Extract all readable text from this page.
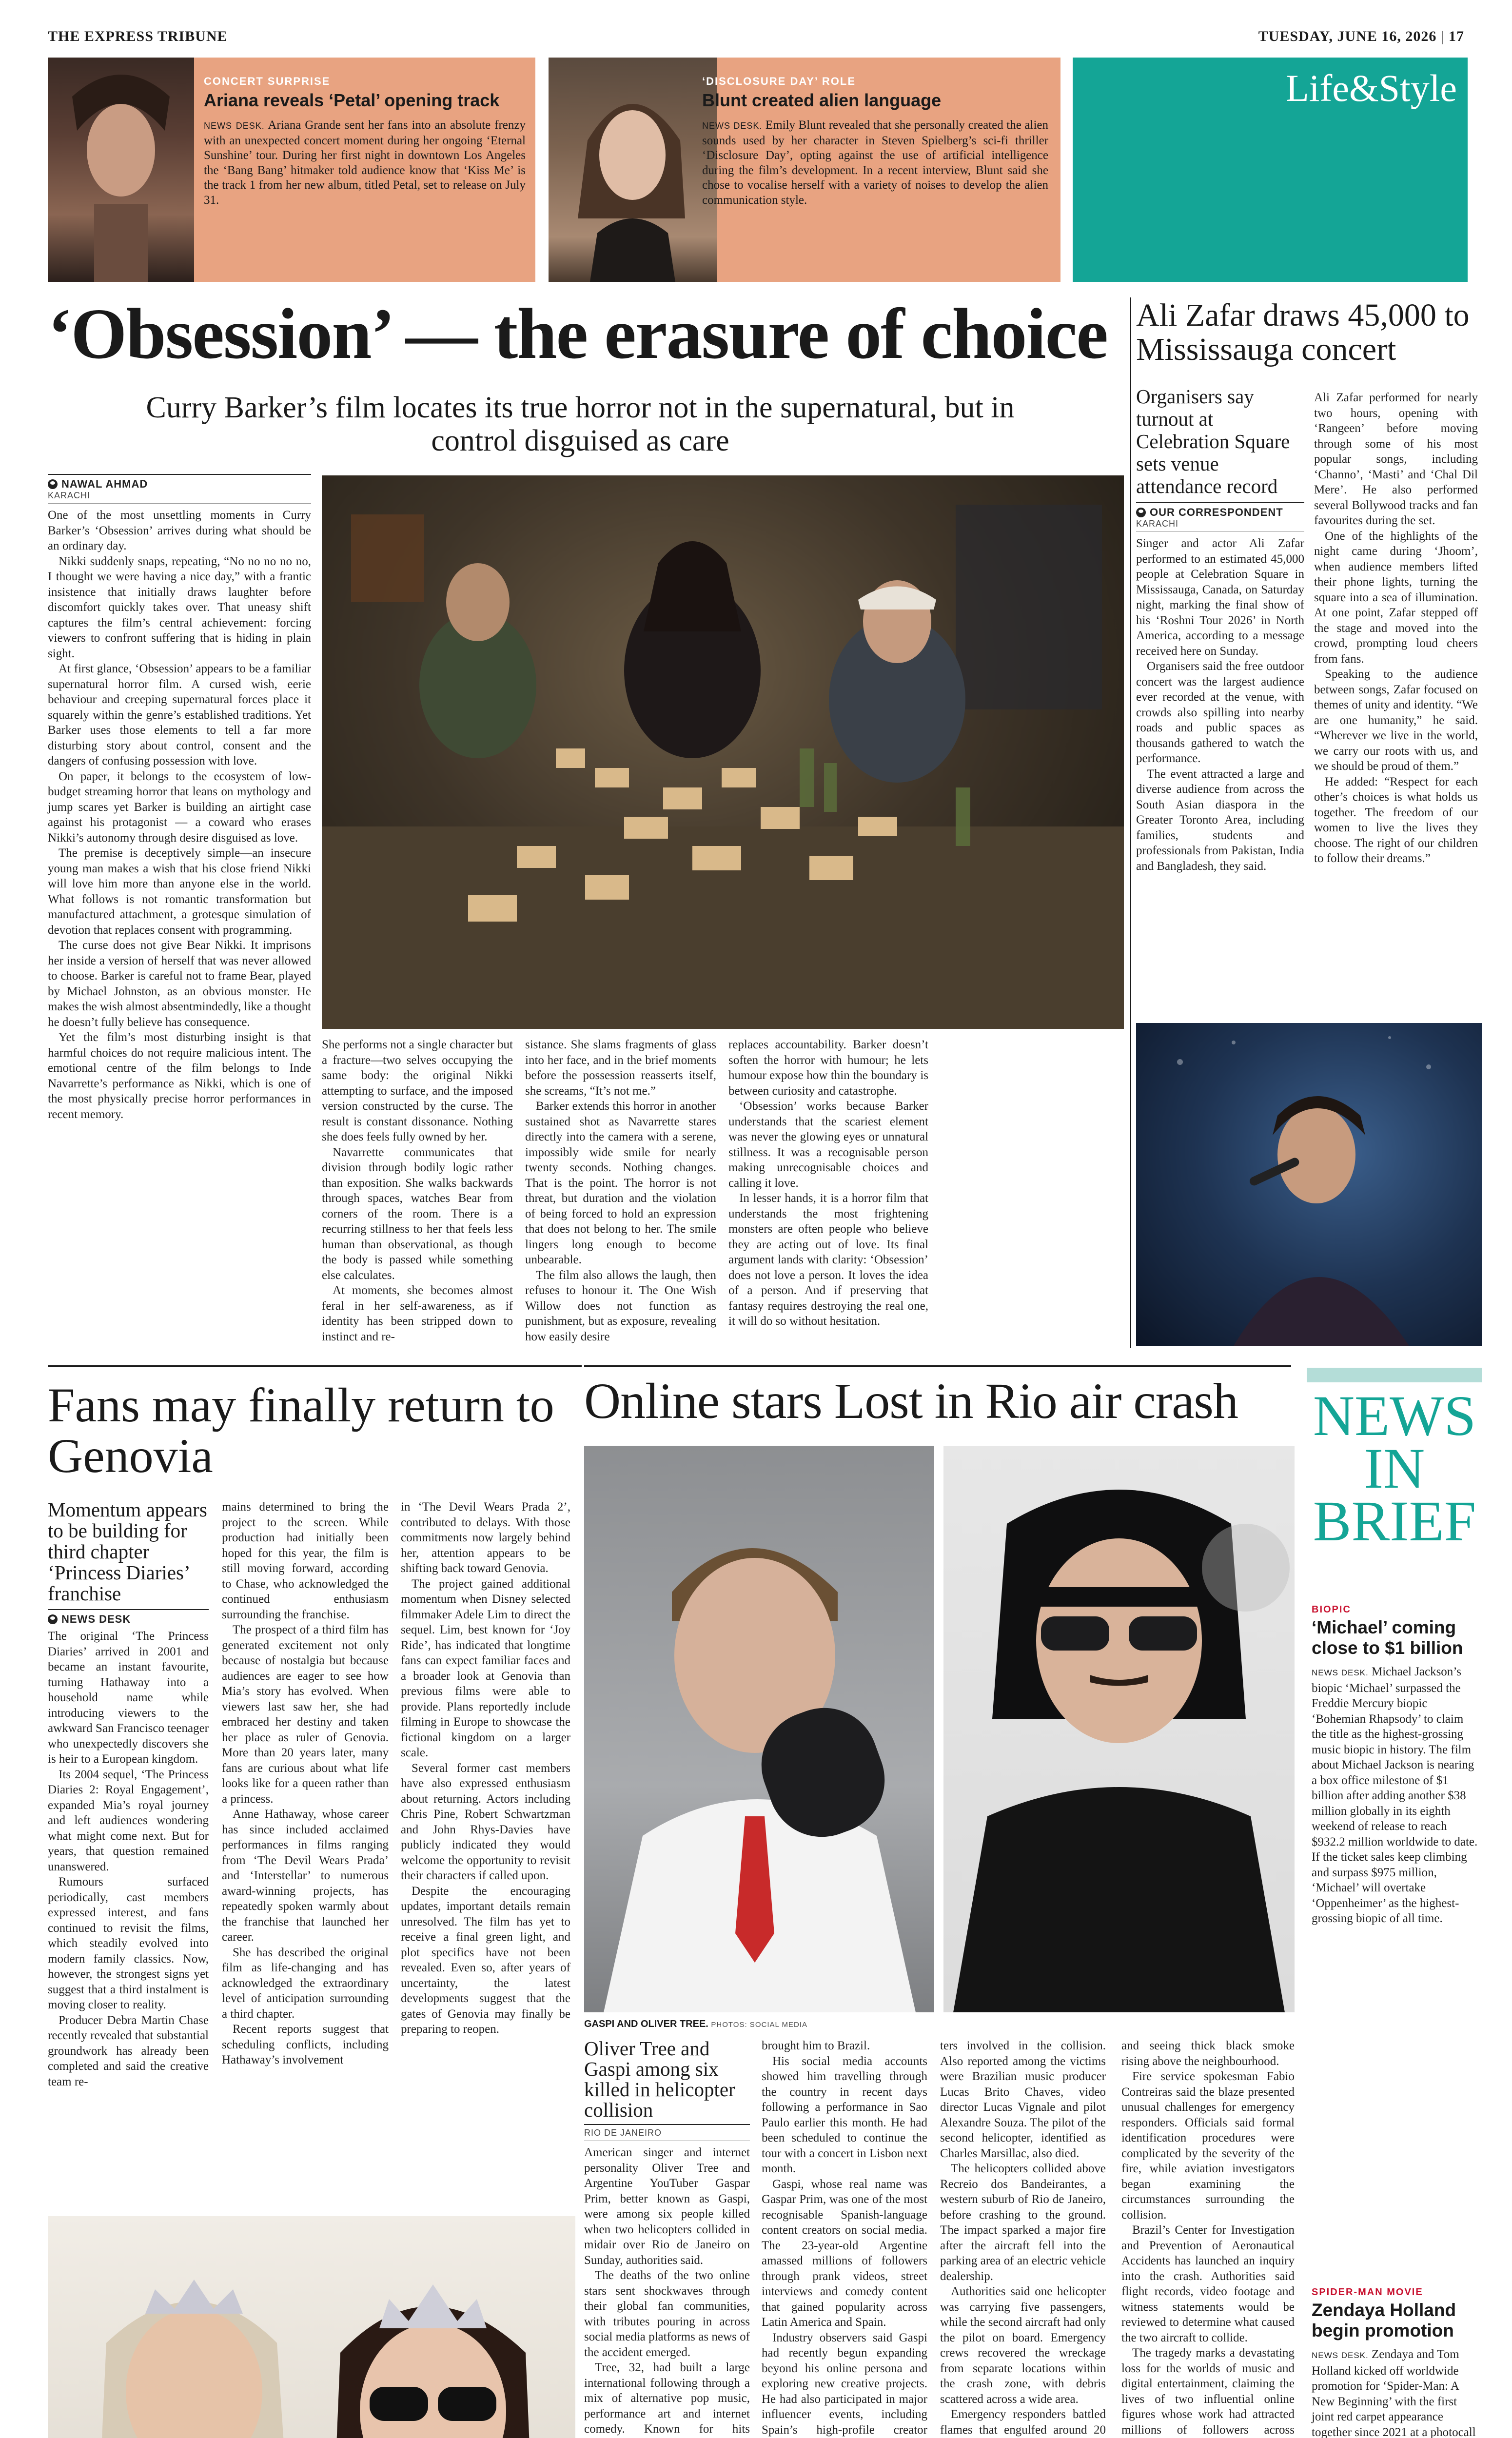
THE EXPRESS TRIBUNE	TUESDAY, JUNE 16, 2026 | 17
CONCERT SURPRISE
Ariana reveals ‘Petal’ opening track
NEWS DESK. Ariana Grande sent her fans into an absolute frenzy with an unexpected concert moment during her ongoing ‘Eternal Sunshine’ tour. During her first night in downtown Los Angeles the ‘Bang Bang’ hitmaker told audience know that ‘Kiss Me’ is the track 1 from her new album, titled Petal, set to release on July 31.
‘DISCLOSURE DAY’ ROLE
Blunt created alien language
NEWS DESK. Emily Blunt revealed that she personally created the alien sounds used by her character in Steven Spielberg’s sci-fi thriller ‘Disclosure Day’, opting against the use of artificial intelligence during the film’s development. In a recent interview, Blunt said she chose to vocalise herself with a variety of noises to develop the alien communication style.
Life&Style
‘Obsession’ — the erasure of choice
Curry Barker’s film locates its true horror not in the supernatural, but in control disguised as care
NAWAL AHMAD
KARACHI

One of the most unsettling moments in Curry Barker’s ‘Obsession’ arrives during what should be an ordinary day.

Nikki suddenly snaps, repeating, “No no no no no, I thought we were having a nice day,” with a frantic insistence that initially draws laughter before discomfort quickly takes over. That uneasy shift captures the film’s central achievement: forcing viewers to confront suffering that is hiding in plain sight.

At first glance, ‘Obsession’ appears to be a familiar supernatural horror film. A cursed wish, eerie behaviour and creeping supernatural forces place it squarely within the genre’s established traditions. Yet Barker uses those elements to tell a far more disturbing story about control, consent and the dangers of confusing possession with love.

On paper, it belongs to the ecosystem of low-budget streaming horror that leans on mythology and jump scares yet Barker is building an airtight case against his protagonist — a coward who erases Nikki’s autonomy through desire disguised as love.

The premise is deceptively simple—an insecure young man makes a wish that his close friend Nikki will love him more than anyone else in the world. What follows is not romantic transformation but manufactured attachment, a grotesque simulation of devotion that replaces consent with programming.

The curse does not give Bear Nikki. It imprisons her inside a version of herself that was never allowed to choose. Barker is careful not to frame Bear, played by Michael Johnston, as an obvious monster. He makes the wish almost absentmindedly, like a thought he doesn’t fully believe has consequence.

Yet the film’s most disturbing insight is that harmful choices do not require malicious intent. The emotional centre of the film belongs to Inde Navarrette’s performance as Nikki, which is one of the most physically precise horror performances in recent memory.

She performs not a single character but a fracture—two selves occupying the same body: the original Nikki attempting to surface, and the imposed version constructed by the curse. The result is constant dissonance. Nothing she does feels fully owned by her.

Navarrette communicates that division through bodily logic rather than exposition. She walks backwards through spaces, watches Bear from corners of the room. There is a recurring stillness to her that feels less human than observational, as though the body is passed while something else calculates.

At moments, she becomes almost feral in her self-awareness, as if identity has been stripped down to instinct and re-

sistance. She slams fragments of glass into her face, and in the brief moments before the possession reasserts itself, she screams, “It’s not me.”

Barker extends this horror in another sustained shot as Navarrette stares directly into the camera with a serene, impossibly wide smile for nearly twenty seconds. Nothing changes. That is the point. The horror is not threat, but duration and the violation of being forced to hold an expression that does not belong to her. The smile lingers long enough to become unbearable.

The film also allows the laugh, then refuses to honour it. The One Wish Willow does not function as punishment, but as exposure, revealing how easily desire

replaces accountability. Barker doesn’t soften the horror with humour; he lets humour expose how thin the boundary is between curiosity and catastrophe.

‘Obsession’ works because Barker understands that the scariest element was never the glowing eyes or unnatural stillness. It was a recognisable person making unrecognisable choices and calling it love.

In lesser hands, it is a horror film that understands the most frightening monsters are often people who believe they are acting out of love. Its final argument lands with clarity: ‘Obsession’ does not love a person. It loves the idea of a person. And if preserving that fantasy requires destroying the real one, it will do so without hesitation.

Ali Zafar draws 45,000 to Mississauga concert
Organisers say turnout at Celebration Square sets venue attendance record
OUR CORRESPONDENT
KARACHI

Singer and actor Ali Zafar performed to an estimated 45,000 people at Celebration Square in Mississauga, Canada, on Saturday night, marking the final show of his ‘Roshni Tour 2026’ in North America, according to a message received here on Sunday.

Organisers said the free outdoor concert was the largest audience ever recorded at the venue, with crowds also spilling into nearby roads and public spaces as thousands gathered to watch the performance.

The event attracted a large and diverse audience from across the South Asian diaspora in the Greater Toronto Area, including families, students and professionals from Pakistan, India and Bangladesh, they said.

Ali Zafar performed for nearly two hours, opening with ‘Rangeen’ before moving through some of his most popular songs, including ‘Channo’, ‘Masti’ and ‘Chal Dil Mere’. He also performed several Bollywood tracks and fan favourites during the set.

One of the highlights of the night came during ‘Jhoom’, when audience members lifted their phone lights, turning the square into a sea of illumination. At one point, Zafar stepped off the stage and moved into the crowd, prompting loud cheers from fans.

Speaking to the audience between songs, Zafar focused on themes of unity and identity. “We are one humanity,” he said. “Wherever we live in the world, we carry our roots with us, and we should be proud of them.”

He added: “Respect for each other’s choices is what holds us together. The freedom of our women to live the lives they choose. The right of our children to follow their dreams.”

Fans may finally return to Genovia
Momentum appears to be building for third chapter ‘Princess Diaries’ franchise
NEWS DESK

The original ‘The Princess Diaries’ arrived in 2001 and became an instant favourite, turning Hathaway into a household name while introducing viewers to the awkward San Francisco teenager who unexpectedly discovers she is heir to a European kingdom.

Its 2004 sequel, ‘The Princess Diaries 2: Royal Engagement’, expanded Mia’s royal journey and left audiences wondering what might come next. But for years, that question remained unanswered.

Rumours surfaced periodically, cast members expressed interest, and fans continued to revisit the films, which steadily evolved into modern family classics. Now, however, the strongest signs yet suggest that a third instalment is moving closer to reality.

Producer Debra Martin Chase recently revealed that substantial groundwork has already been completed and said the creative team re-

mains determined to bring the project to the screen. While production had initially been hoped for this year, the film is still moving forward, according to Chase, who acknowledged the continued enthusiasm surrounding the franchise.

The prospect of a third film has generated excitement not only because of nostalgia but because audiences are eager to see how Mia’s story has evolved. When viewers last saw her, she had embraced her destiny and taken her place as ruler of Genovia. More than 20 years later, many fans are curious about what life looks like for a queen rather than a princess.

Anne Hathaway, whose career has since included acclaimed performances in films ranging from ‘The Devil Wears Prada’ and ‘Interstellar’ to numerous award-winning projects, has repeatedly spoken warmly about the franchise that launched her career.

She has described the original film as life-changing and has acknowledged the extraordinary level of anticipation surrounding a third chapter.

Recent reports suggest that scheduling conflicts, including Hathaway’s involvement

in ‘The Devil Wears Prada 2’, contributed to delays. With those commitments now largely behind her, attention appears to be shifting back toward Genovia.

The project gained additional momentum when Disney selected filmmaker Adele Lim to direct the sequel. Lim, best known for ‘Joy Ride’, has indicated that longtime fans can expect familiar faces and a broader look at Genovia than previous films were able to provide. Plans reportedly include filming in Europe to showcase the fictional kingdom on a larger scale.

Several former cast members have also expressed enthusiasm about returning. Actors including Chris Pine, Robert Schwartzman and John Rhys-Davies have publicly indicated they would welcome the opportunity to revisit their characters if called upon.

Despite the encouraging updates, important details remain unresolved. The film has yet to receive a final green light, and plot specifics have not been revealed. Even so, after years of uncertainty, the latest developments suggest that the gates of Genovia may finally be preparing to reopen.

Online stars Lost in Rio air crash
GASPI AND OLIVER TREE. PHOTOS: SOCIAL MEDIA
Oliver Tree and Gaspi among six killed in helicopter collision
RIO DE JANEIRO

American singer and internet personality Oliver Tree and Argentine YouTuber Gaspar Prim, better known as Gaspi, were among six people killed when two helicopters collided in midair over Rio de Janeiro on Sunday, authorities said.

The deaths of the two online stars sent shockwaves through their global fan communities, with tributes pouring in across social media platforms as news of the accident emerged.

Tree, 32, had built a large international following through a mix of alternative pop music, performance art and internet comedy. Known for hits

brought him to Brazil.

His social media accounts showed him travelling through the country in recent days following a performance in Sao Paulo earlier this month. He had been scheduled to continue the tour with a concert in Lisbon next month.

Gaspi, whose real name was Gaspar Prim, was one of the most recognisable Spanish-language content creators on social media. The 23-year-old Argentine amassed millions of followers through prank videos, street interviews and comedy content that gained popularity across Latin America and Spain.

Industry observers said Gaspi had recently begun expanding beyond his online persona and exploring new creative projects. He had also participated in major influencer events, including Spain’s high-profile creator

ters involved in the collision. Also reported among the victims were Brazilian music producer Lucas Brito Chaves, video director Lucas Vignale and pilot Alexandre Souza. The pilot of the second helicopter, identified as Charles Marsillac, also died.

The helicopters collided above Recreio dos Bandeirantes, a western suburb of Rio de Janeiro, before crashing to the ground. The impact sparked a major fire after the aircraft fell into the parking area of an electric vehicle dealership.

Authorities said one helicopter was carrying five passengers, while the second aircraft had only the pilot on board. Emergency crews recovered the wreckage from separate locations within the crash zone, with debris scattered across a wide area.

Emergency responders battled flames that engulfed around 20

and seeing thick black smoke rising above the neighbourhood.

Fire service spokesman Fabio Contreiras said the blaze presented unusual challenges for emergency responders. Officials said formal identification procedures were complicated by the severity of the fire, while aviation investigators began examining the circumstances surrounding the collision.

Brazil’s Center for Investigation and Prevention of Aeronautical Accidents has launched an inquiry into the crash. Authorities said flight records, video footage and witness statements would be reviewed to determine what caused the two aircraft to collide.

The tragedy marks a devastating loss for the worlds of music and digital entertainment, claiming the lives of two influential online figures whose work had attracted millions of followers across

NEWS
IN
BRIEF
BIOPIC
‘Michael’ coming close to $1 billion
NEWS DESK. Michael Jackson’s biopic ‘Michael’ surpassed the Freddie Mercury biopic ‘Bohemian Rhapsody’ to claim the title as the highest-grossing music biopic in history. The film about Michael Jackson is nearing a box office milestone of $1 billion after adding another $38 million globally in its eighth weekend of release to reach $932.2 million worldwide to date. If the ticket sales keep climbing and surpass $975 million, ‘Michael’ will overtake ‘Oppenheimer’ as the highest-grossing biopic of all time.
SPIDER-MAN MOVIE
Zendaya Holland begin promotion
NEWS DESK. Zendaya and Tom Holland kicked off worldwide promotion for ‘Spider-Man: A New Beginning’ with the first joint red carpet appearance together since 2021 at a photocall
